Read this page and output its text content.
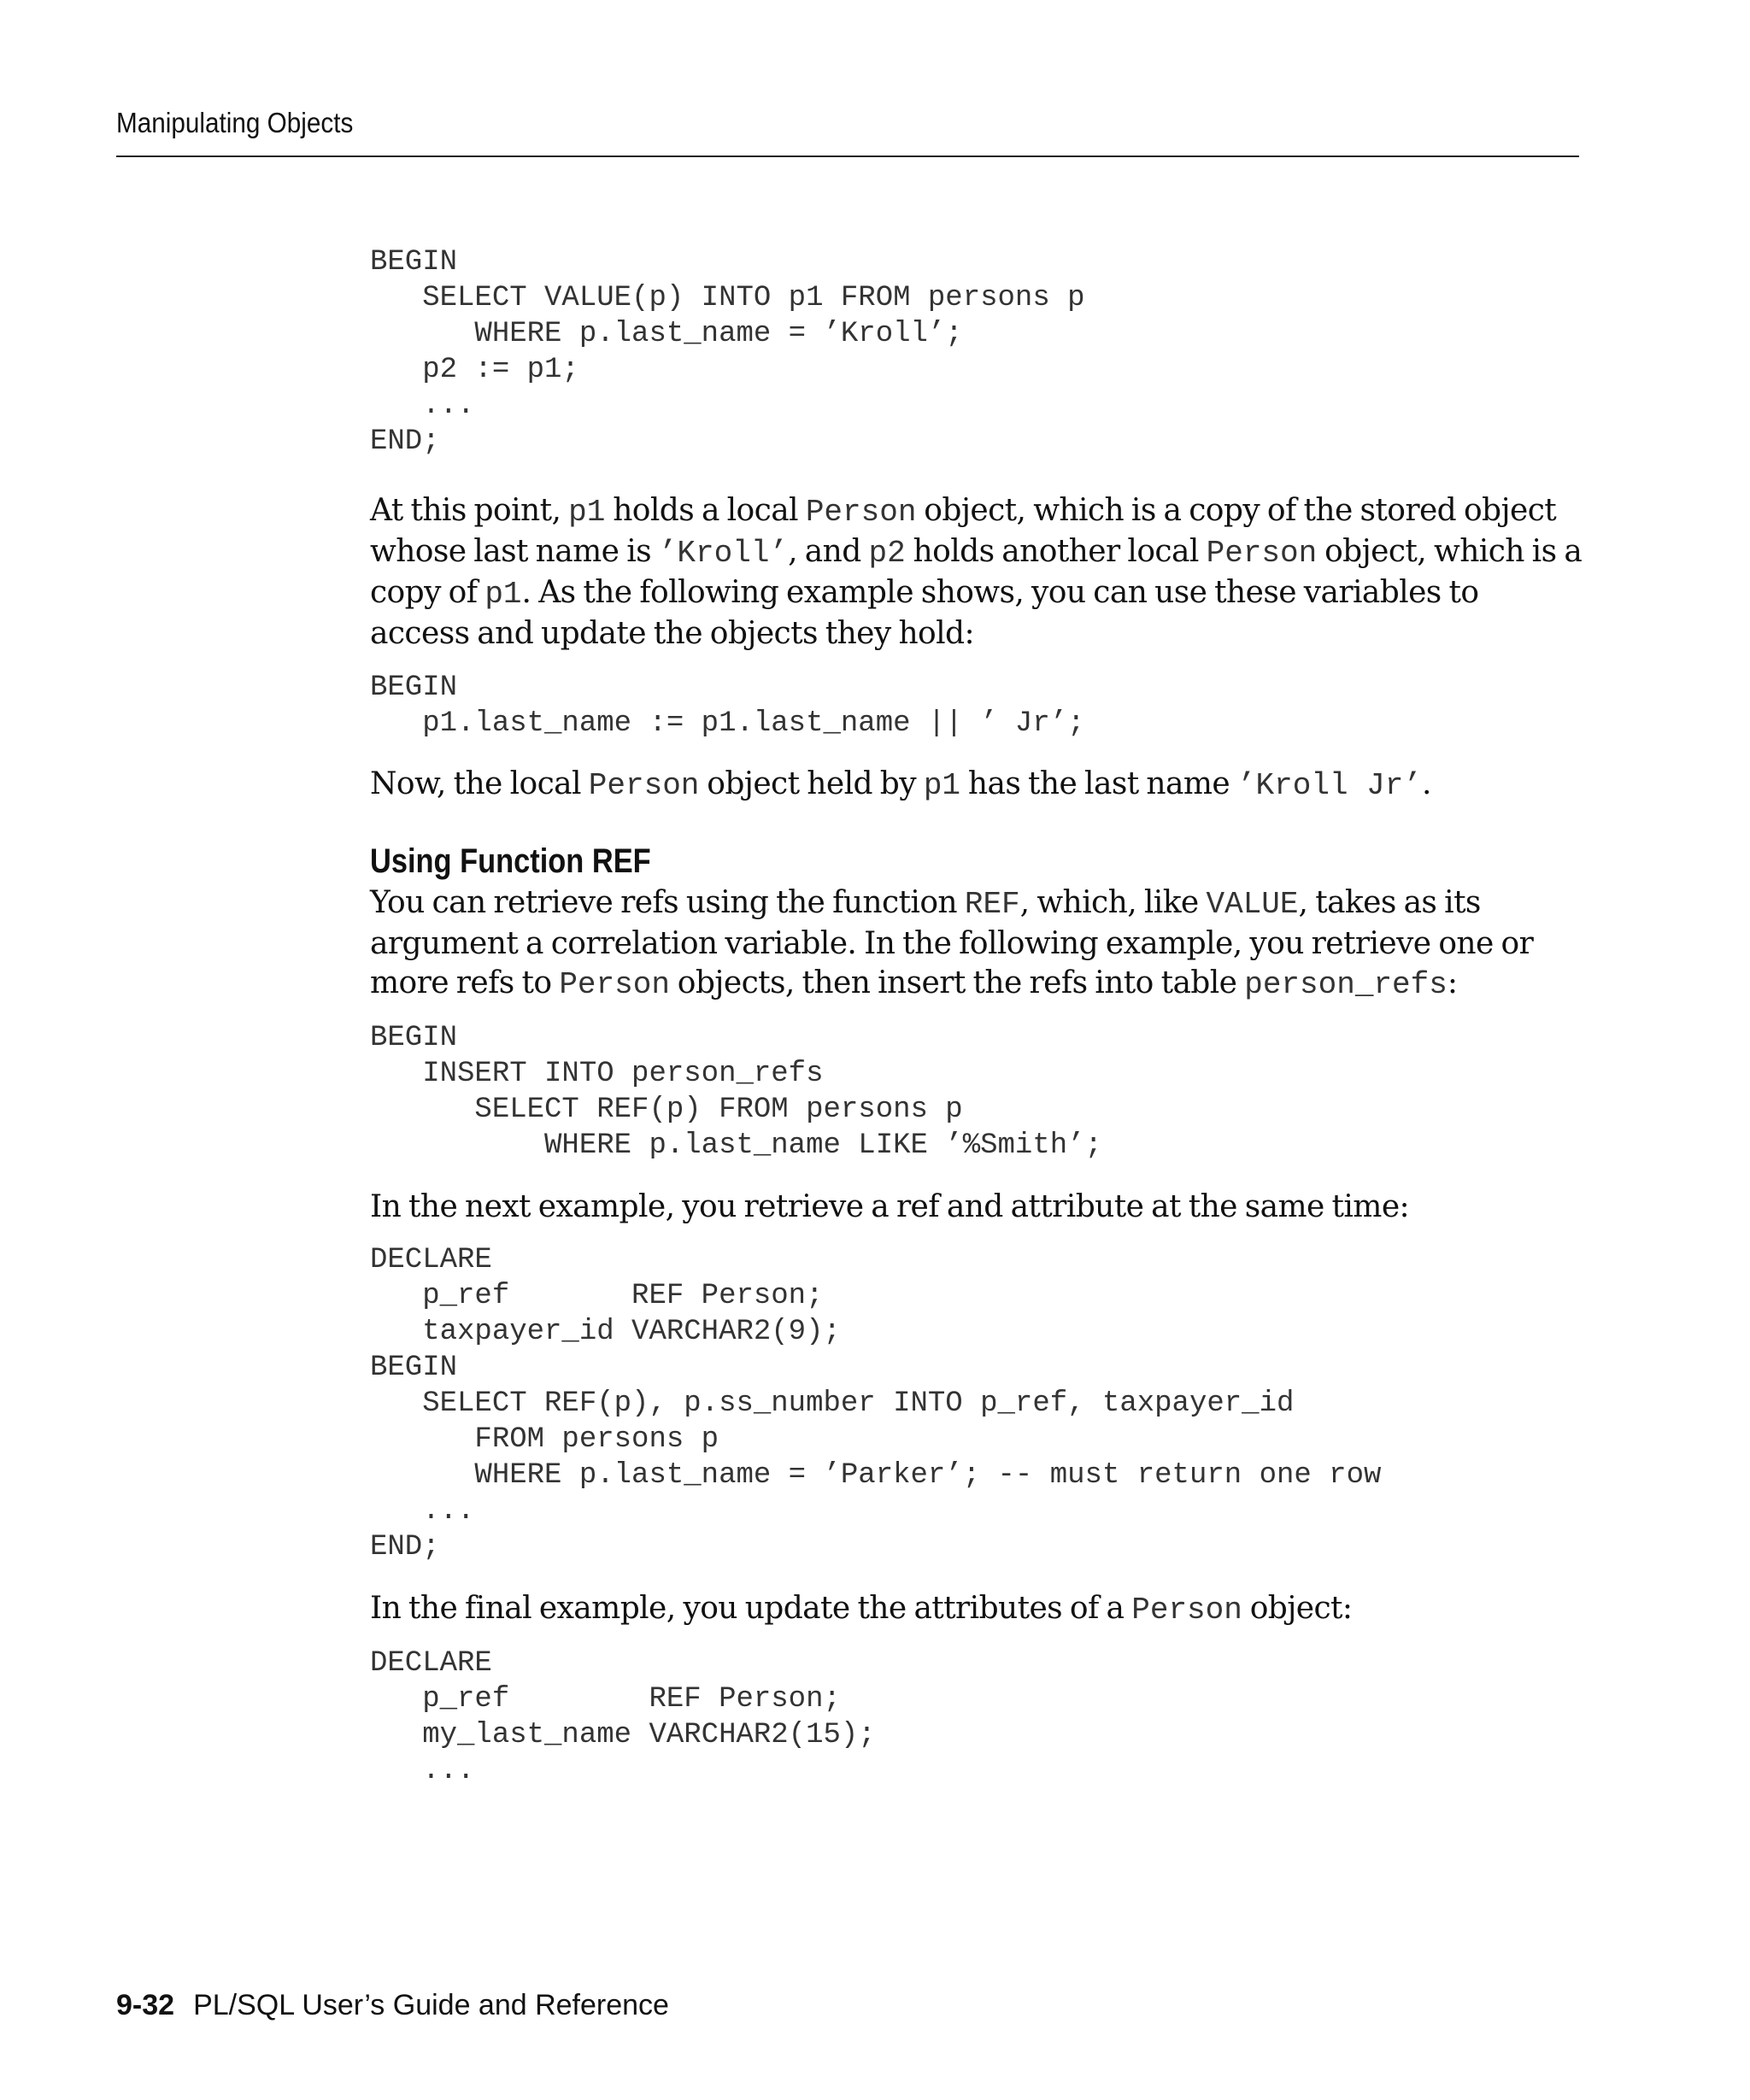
Manipulating Objects
BEGIN
SELECT VALUE(p) INTO p1 FROM persons p
WHERE p.last_name = ’Kroll’;
p2 := p1;
...
END;

At this point, p1 holds a local Person object, which is a copy of the stored object whose last name is ’Kroll’, and p2 holds another local Person object, which is a copy of p1. As the following example shows, you can use these variables to access and update the objects they hold:

BEGIN
p1.last_name := p1.last_name || ’ Jr’;

Now, the local Person object held by p1 has the last name ’Kroll Jr’.

Using Function REF

You can retrieve refs using the function REF, which, like VALUE, takes as its argument a correlation variable. In the following example, you retrieve one or more refs to Person objects, then insert the refs into table person_refs:

BEGIN
INSERT INTO person_refs
SELECT REF(p) FROM persons p
WHERE p.last_name LIKE ’%Smith’;

In the next example, you retrieve a ref and attribute at the same time:

DECLARE
p_ref       REF Person;
taxpayer_id VARCHAR2(9);
BEGIN
SELECT REF(p), p.ss_number INTO p_ref, taxpayer_id
FROM persons p
WHERE p.last_name = ’Parker’; -- must return one row
...
END;

In the final example, you update the attributes of a Person object:

DECLARE
p_ref        REF Person;
my_last_name VARCHAR2(15);
...
9-32 PL/SQL User’s Guide and Reference
